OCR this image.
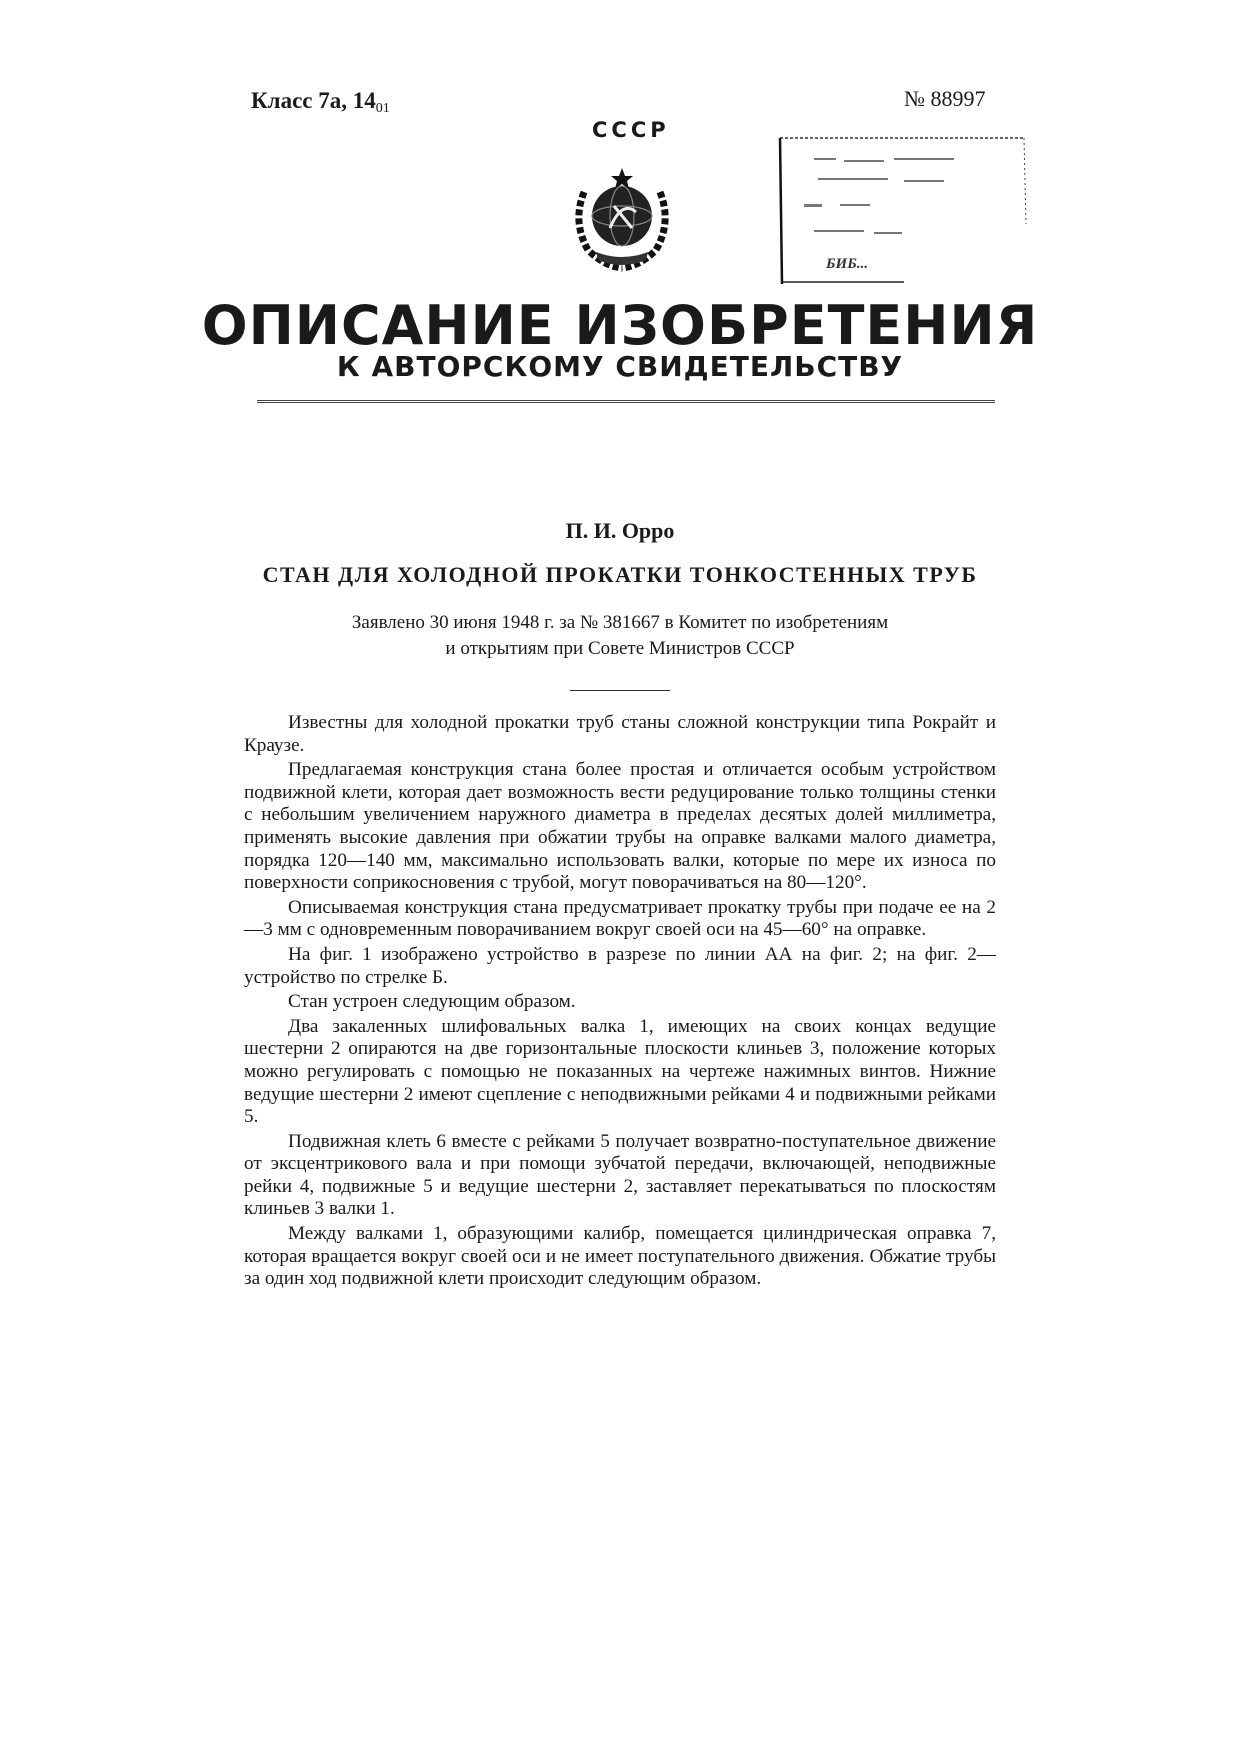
Класс 7а, $14_{01}$	№ 88997
СССР
БИБ...
ОПИСАНИЕ ИЗОБРЕТЕНИЯ
К АВТОРСКОМУ СВИДЕТЕЛЬСТВУ
П. И. Орро
СТАН ДЛЯ ХОЛОДНОЙ ПРОКАТКИ ТОНКОСТЕННЫХ ТРУБ
Заявлено 30 июня 1948 г. за № 381667 в Комитет по изобретениям
и открытиям при Совете Министров СССР

Известны для холодной прокатки труб станы сложной конструкции типа Рокрайт и Краузе.

Предлагаемая конструкция стана более простая и отличается особым устройством подвижной клети, которая дает возможность вести редуцирование только толщины стенки с небольшим увеличением наружного диаметра в пределах десятых долей миллиметра, применять высокие давления при обжатии трубы на оправке валками малого диаметра, порядка 120—140 мм, максимально использовать валки, которые по мере их износа по поверхности соприкосновения с трубой, могут поворачиваться на 80—120°.

Описываемая конструкция стана предусматривает прокатку трубы при подаче ее на 2—3 мм с одновременным поворачиванием вокруг своей оси на 45—60° на оправке.

На фиг. 1 изображено устройство в разрезе по линии АА на фиг. 2; на фиг. 2—устройство по стрелке Б.

Стан устроен следующим образом.

Два закаленных шлифовальных валка 1, имеющих на своих концах ведущие шестерни 2 опираются на две горизонтальные плоскости клиньев 3, положение которых можно регулировать с помощью не показанных на чертеже нажимных винтов. Нижние ведущие шестерни 2 имеют сцепление с неподвижными рейками 4 и подвижными рейками 5.

Подвижная клеть 6 вместе с рейками 5 получает возвратно-поступательное движение от эксцентрикового вала и при помощи зубчатой передачи, включающей, неподвижные рейки 4, подвижные 5 и ведущие шестерни 2, заставляет перекатываться по плоскостям клиньев 3 валки 1.

Между валками 1, образующими калибр, помещается цилиндрическая оправка 7, которая вращается вокруг своей оси и не имеет поступательного движения. Обжатие трубы за один ход подвижной клети происходит следующим образом.
